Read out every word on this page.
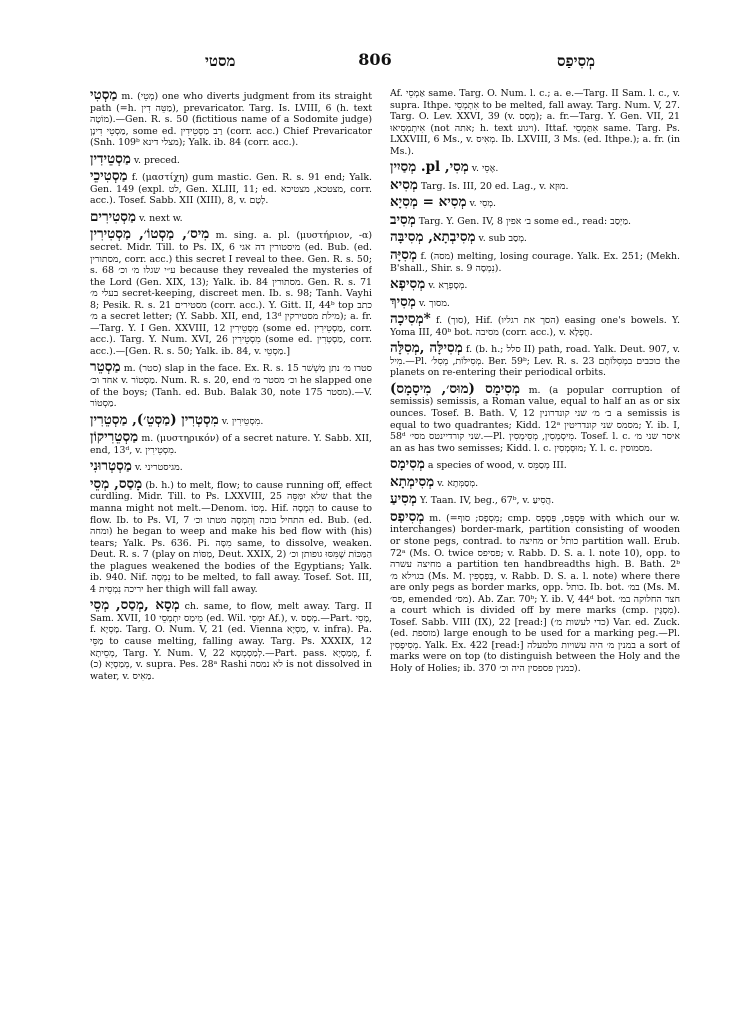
מסטי	806	מְסִיפַס

מַסְטִי m. (מְטֵי) one who diverts judgment from its straight path (=h. מַטֵּה דִין), prevaricator. Targ. Is. LVIII, 6 (h. text מוֹטָה).—Gen. R. s. 50 (fictitious name of a Sodomite judge) מַסְטֵי דִינָן, some ed. רַב מַסְטֵידִין (corr. acc.) Chief Prevaricator (Snh. 109ᵇ מצלי דינא); Yalk. ib. 84 (corr. acc.).

מַסְטֵידִין v. preced.

מַסְטִיכֵי f. (μαστίχη) gum mastic. Gen. R. s. 91 end; Yalk. Gen. 149 (expl. לט, Gen. XLIII, 11; ed. מצטכא, מצטיכא, corr. acc.). Tosef. Sabb. XII (XIII), 8, v. לָטָם.

מַסְטִירִים v. next w.

מִיס׳, מַסְטוֹ׳, מַסְטִירִין m. sing. a. pl. (μυστήριον, -α) secret. Midr. Till. to Ps. IX, 6 מיסטורין דה אגי (ed. Bub. (ed. מסתורין, corr. acc.) this secret I reveal to thee. Gen. R. s. 50; s. 68 ע״י שגלו מ׳ וכ׳ because they revealed the mysteries of the Lord (Gen. XIX, 13); Yalk. ib. 84 מסתורין. Gen. R. s. 71 בעלי מ׳ secret-keeping, discreet men. Ib. s. 98; Tanh. Vayhi 8; Pesik. R. s. 21 מסטירים (corr. acc.). Y. Gitt. II, 44ᵇ top כתב מ׳ a secret letter; (Y. Sabb. XII, end, 13ᵈ מילת מסטירקין); a. fr.—Targ. Y. I Gen. XXVIII, 12 מִסְטֵירִין (some ed. מַסְטֵירִין, corr. acc.). Targ. Y. Num. XVI, 26 מִסְטֵירִין (some ed. מַסְטְרִין, corr. acc.).—[Gen. R. s. 50; Yalk. ib. 84, v. מַסְטֵי.]

מַסְטֵר m. (סטר) slap in the face. Ex. R. s. 15 סטרו מ׳ נתן מַשְׁשׁר אחד וכ׳ v. מַסְטוֹר. Num. R. s. 20, end וכ׳ מסטר מ׳ he slapped one of the boys; (Tanh. ed. Bub. Balak 30, note 175 מסטר).—V. מַסְטוֹר.

מִסְטְרִין (מַסְטֵ׳), מַסְטֵרִין v. מִסְטֵירִין.

מַסְטֵרִיקוֹן m. (μυστηρικόν) of a secret nature. Y. Sabb. XII, end, 13ᵈ, v. מִסְטֵירִין.

מַסְטְרוּנִי v. מגיסטריני.

מָסַס, מְסֵי (b. h.) to melt, flow; to cause running off, effect curdling. Midr. Till. to Ps. LXXVIII, 25 שלא יִמַּסֵּה that the manna might not melt.—Denom. מְסוֹ. Hif. הִמְסָה to cause to flow. Ib. to Ps. VI, 7 התחיל בוכה וְהִמְסָה מטתו וכ׳ ed. Bub. (ed. ומחה) he began to weep and make his bed flow with (his) tears; Yalk. Ps. 636. Pi. מִסָּה same, to dissolve, weaken. Deut. R. s. 7 (play on מַסּוֹת, Deut. XXIX, 2) הַמַּכּוֹת שֶׁמִּסּוּ גופותן וכ׳ the plagues weakened the bodies of the Egyptians; Yalk. ib. 940. Nif. נִמְסָה to be melted, to fall away. Tosef. Sot. III, 4 יריכה נִמְסֵית her thigh will fall away.

מְסָא ,מְסַס, מְסֵי ch. same, to flow, melt away. Targ. II Sam. XVII, 10 מֵימַס יִתְמְסֵי (ed. Wil. יִמְסֵי Af.), v. מְסַס.—Part. מָסֵי, f. מָסְיָא. Targ. O. Num. V, 21 (ed. Vienna מַסְיָא, v. infra). Pa. מַסֵּי to cause melting, falling away. Targ. Ps. XXXIX, 12 מְסֵיתָא, Targ. Y. Num. V, 22 לְמַסְמְסָא.—Part. pass. מְמַסְיָא, f. מְמַסְיָא (כ), v. supra. Pes. 28ᵃ Rashi לא נמסה is not dissolved in water, v. מַאִיס.

Af. אַמְסֵי same. Targ. O. Num. l. c.; a. e.—Targ. II Sam. l. c., v. supra. Ithpe. אִתְמְסֵי to be melted, fall away. Targ. Num. V, 27. Targ. O. Lev. XXVI, 39 (v. מְסַס); a. fr.—Targ. Y. Gen. VII, 21 אִיתְמְסִיאוּ (not אתה; h. text ויגוע). Ittaf. אִתַּמְסֵי same. Targ. Ps. LXXVIII, 6 Ms., v. מְאִיס. Ib. LXVIII, 3 Ms. (ed. Ithpe.); a. fr. (in Ms.).

מְסִי, pl. מְסַיִין v. אֶסֵי.

מְסִיא Targ. Is. III, 20 ed. Lag., v. מוּזָא.

מְסִיא = מְסִיָא v. מְסִי.

מְסִיב Targ. Y. Gen. IV, 8 ב׳ אפין some ed., read: מַיְסַב.

מְסִיבְתָא, מְסִיבָּה v. sub מְסַב.

מְסִיָּה f. (מסה) melting, losing courage. Yalk. Ex. 251; (Mekh. B'shall., Shir. s. 9 נִמְסָה).

מְסִיפְא v. מְסָפְרָא.

מְסִיךְ v. מסוך.

*מְסִיכָה f. (סוך), Hif. (הסך את רגליו) easing one's bowels. Y. Yoma III, 40ᵇ bot. מסיבה (corr. acc.), v. חֲפָלָא.

מְסִילָּה ,מְסִלָּה f. (b. h.; סלל II) path, road. Yalk. Deut. 907, v. מִיל.—Pl. מְסִילּוֹת, מְסִלּ׳. Ber. 59ᵇ; Lev. R. s. 23 כוכבים במְסִלּוֹתָם the planets on re-entering their periodical orbits.

מְסִימָס (מוּס׳, מִיסָמָס) m. (a popular corruption of semissis) semissis, a Roman value, equal to half an as or six ounces. Tosef. B. Bath. V, 12 ב׳ מ׳ שני קונדרונין a semissis is equal to two quadrantes; Kidd. 12ᵃ מסמס שני קונדריטין; Y. ib. I, 58ᵈ שני קורדיינטס מסי׳.—Pl. מִיסְמְסִין, מְסִימְסִין. Tosef. l. c. איסר שני מ׳ an as has two semisses; Kidd. l. c. מוּסְמְסִין; Y. l. c. מסמוסין.

מְסִימָס a species of wood, v. מְסַמֵּס III.

מְסִימְתָא v. מְסַמְּתָא.

מְסִיעַ Y. Taan. IV, beg., 67ᵇ, v. הֲסִיעַ.

מְסִיפַס m. (=מִסְפָס; סוף; cmp. פִּסְפֵּס, פַּסְפָס with which our w. interchanges) border-mark, partition consisting of wooden or stone pegs, contrad. to מחיצה or כותל partition wall. Erub. 72ᵃ (Ms. O. twice פסיפס; v. Rabb. D. S. a. l. note 10), opp. to מחיצה עשרה a partition ten handbreadths high. B. Bath. 2ᵇ בגוילא מ׳ (Ms. M. בְּפַסְפִין, v. Rabb. D. S. a. l. note) where there are only pegs as border marks, opp. כותל. Ib. bot. במ׳ (Ms. M. פס׳, emended מס׳). Ab. Zar. 70ᵇ; Y. ib. V, 44ᵈ bot. חצר החלוקה במ׳ a court which is divided off by mere marks (cmp. מִסְגָּין). Tosef. Sabb. VIII (IX), 22 [read:] (כדי לעשות מ׳) Var. ed. Zuck. (ed. מוספת) large enough to be used for a marking peg.—Pl. מְסִיפָסִין. Yalk. Ex. 422 [read:] במנין מ׳ היה עשויות מלמעלה a sort of marks were on top (to distinguish between the Holy and the Holy of Holies; ib. 370 כמנין פספסין היה וכ׳).
